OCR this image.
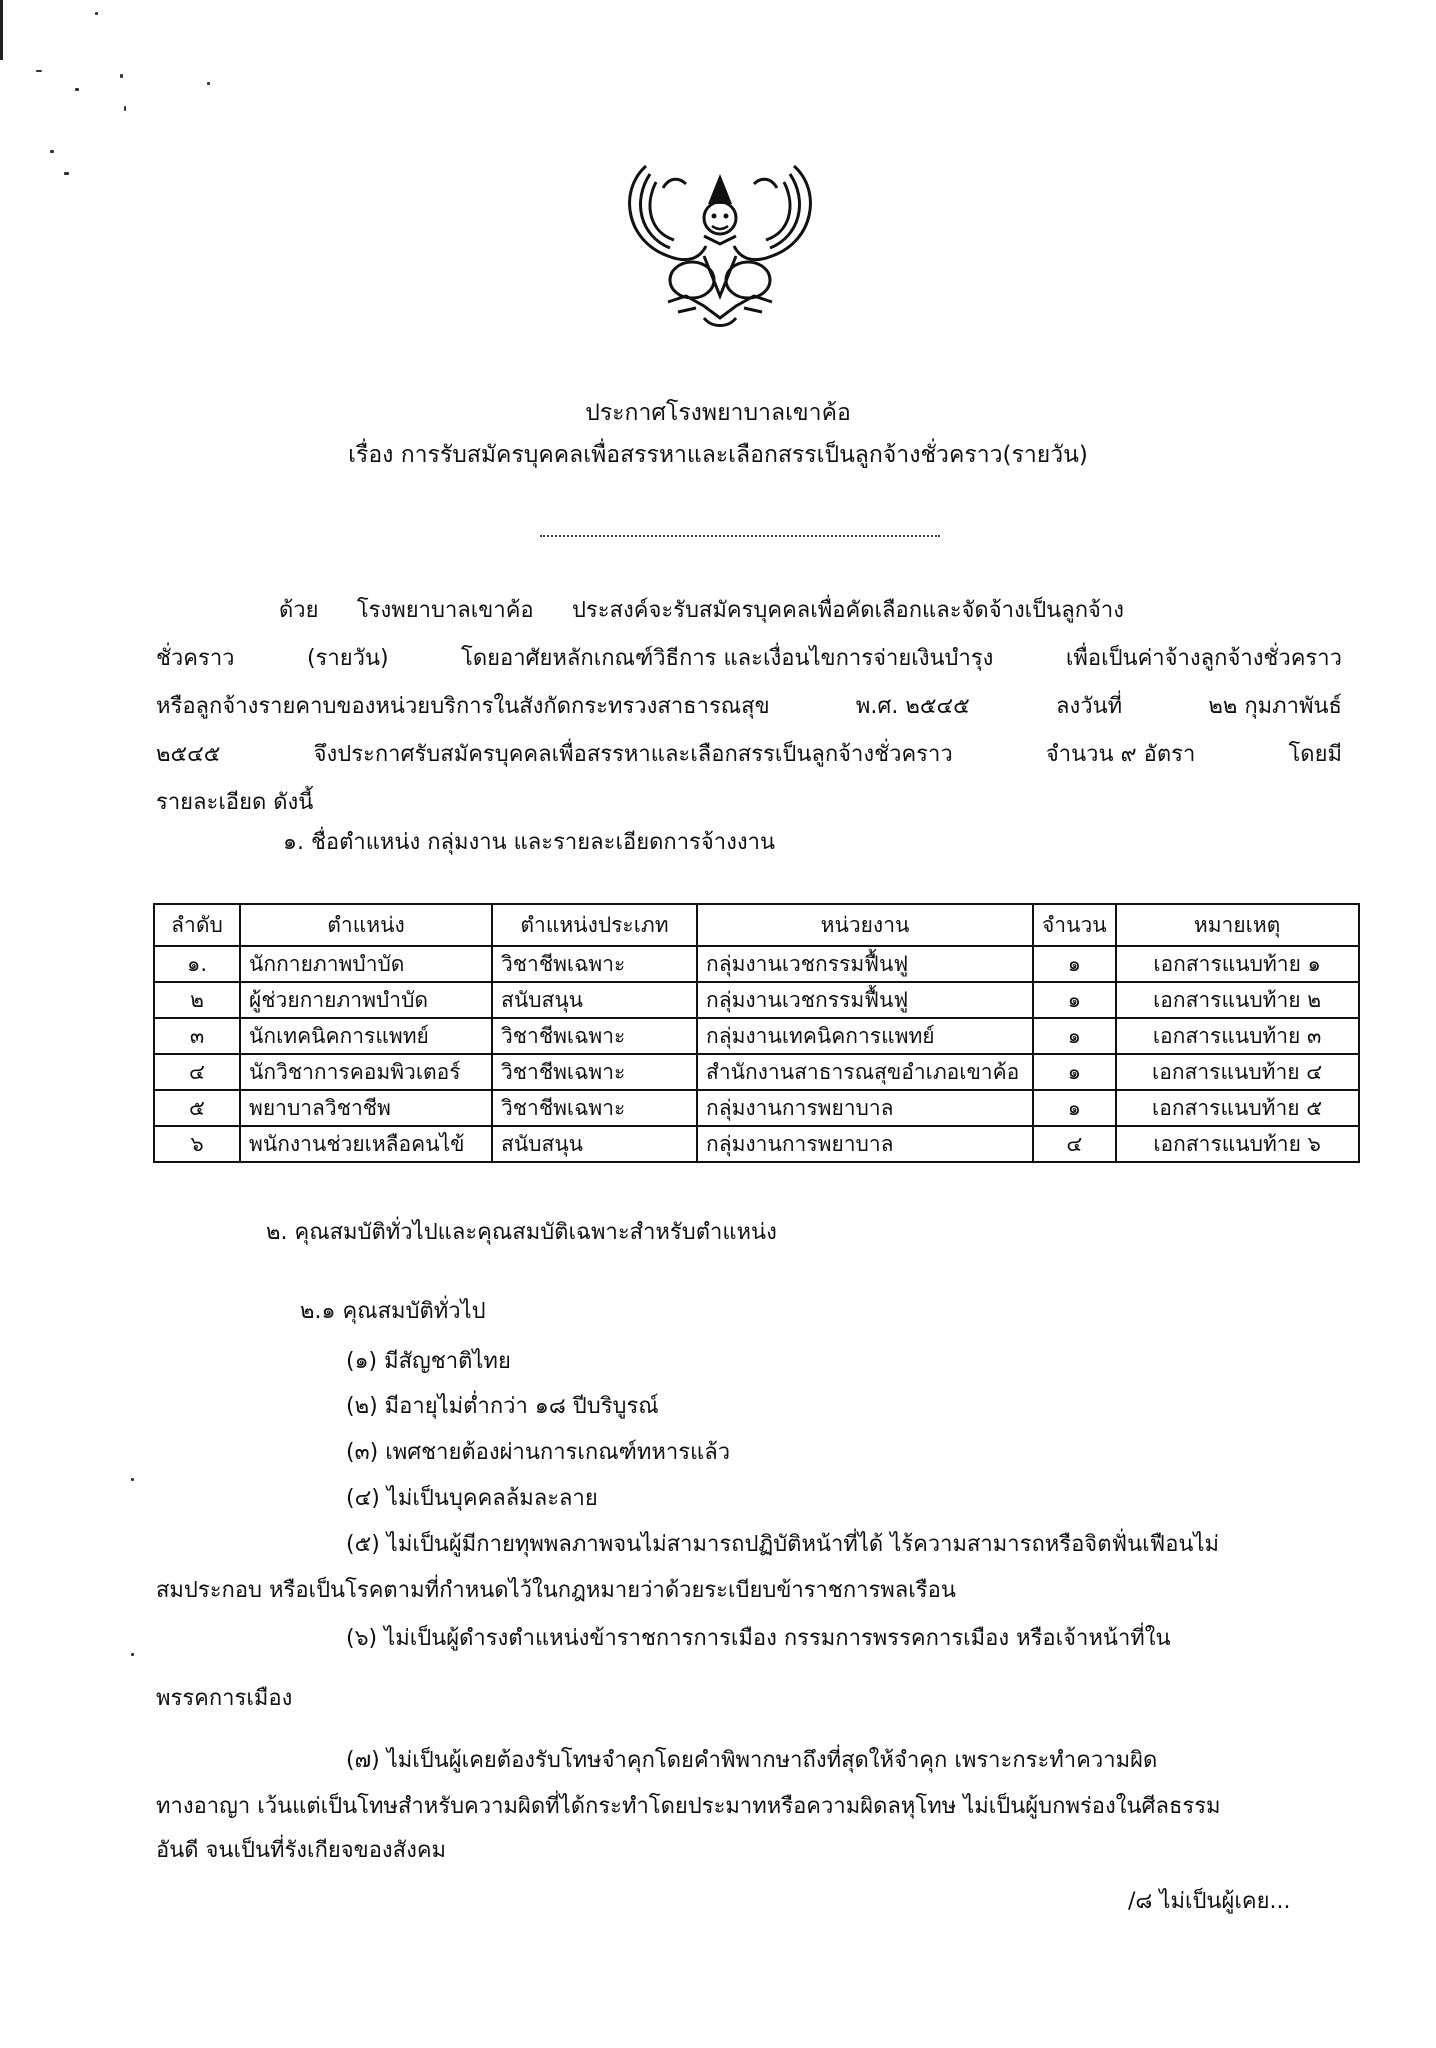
ประกาศโรงพยาบาลเขาค้อ
เรื่อง การรับสมัครบุคคลเพื่อสรรหาและเลือกสรรเป็นลูกจ้างชั่วคราว(รายวัน)
ด้วย โรงพยาบาลเขาค้อ ประสงค์จะรับสมัครบุคคลเพื่อคัดเลือกและจัดจ้างเป็นลูกจ้าง
ชั่วคราว	(รายวัน)	โดยอาศัยหลักเกณฑ์วิธีการ และเงื่อนไขการจ่ายเงินบำรุง	เพื่อเป็นค่าจ้างลูกจ้างชั่วคราว
หรือลูกจ้างรายคาบของหน่วยบริการในสังกัดกระทรวงสาธารณสุข	พ.ศ. ๒๕๔๕	ลงวันที่	๒๒ กุมภาพันธ์
๒๕๔๕	จึงประกาศรับสมัครบุคคลเพื่อสรรหาและเลือกสรรเป็นลูกจ้างชั่วคราว	จำนวน ๙ อัตรา	โดยมี
รายละเอียด ดังนี้
๑. ชื่อตำแหน่ง กลุ่มงาน และรายละเอียดการจ้างงาน
ลำดับ	ตำแหน่ง	ตำแหน่งประเภท	หน่วยงาน	จำนวน	หมายเหตุ
๑.	นักกายภาพบำบัด	วิชาชีพเฉพาะ	กลุ่มงานเวชกรรมฟื้นฟู	๑	เอกสารแนบท้าย ๑
๒	ผู้ช่วยกายภาพบำบัด	สนับสนุน	กลุ่มงานเวชกรรมฟื้นฟู	๑	เอกสารแนบท้าย ๒
๓	นักเทคนิคการแพทย์	วิชาชีพเฉพาะ	กลุ่มงานเทคนิคการแพทย์	๑	เอกสารแนบท้าย ๓
๔	นักวิชาการคอมพิวเตอร์	วิชาชีพเฉพาะ	สำนักงานสาธารณสุขอำเภอเขาค้อ	๑	เอกสารแนบท้าย ๔
๕	พยาบาลวิชาชีพ	วิชาชีพเฉพาะ	กลุ่มงานการพยาบาล	๑	เอกสารแนบท้าย ๕
๖	พนักงานช่วยเหลือคนไข้	สนับสนุน	กลุ่มงานการพยาบาล	๔	เอกสารแนบท้าย ๖
๒. คุณสมบัติทั่วไปและคุณสมบัติเฉพาะสำหรับตำแหน่ง
๒.๑ คุณสมบัติทั่วไป
(๑) มีสัญชาติไทย
(๒) มีอายุไม่ต่ำกว่า ๑๘ ปีบริบูรณ์
(๓) เพศชายต้องผ่านการเกณฑ์ทหารแล้ว
(๔) ไม่เป็นบุคคลล้มละลาย
(๕) ไม่เป็นผู้มีกายทุพพลภาพจนไม่สามารถปฏิบัติหน้าที่ได้ ไร้ความสามารถหรือจิตฟั่นเฟือนไม่
สมประกอบ หรือเป็นโรคตามที่กำหนดไว้ในกฎหมายว่าด้วยระเบียบข้าราชการพลเรือน
(๖) ไม่เป็นผู้ดำรงตำแหน่งข้าราชการการเมือง กรรมการพรรคการเมือง หรือเจ้าหน้าที่ใน
พรรคการเมือง
(๗) ไม่เป็นผู้เคยต้องรับโทษจำคุกโดยคำพิพากษาถึงที่สุดให้จำคุก เพราะกระทำความผิด
ทางอาญา เว้นแต่เป็นโทษสำหรับความผิดที่ได้กระทำโดยประมาทหรือความผิดลหุโทษ ไม่เป็นผู้บกพร่องในศีลธรรม
อันดี จนเป็นที่รังเกียจของสังคม
/๘ ไม่เป็นผู้เคย...
